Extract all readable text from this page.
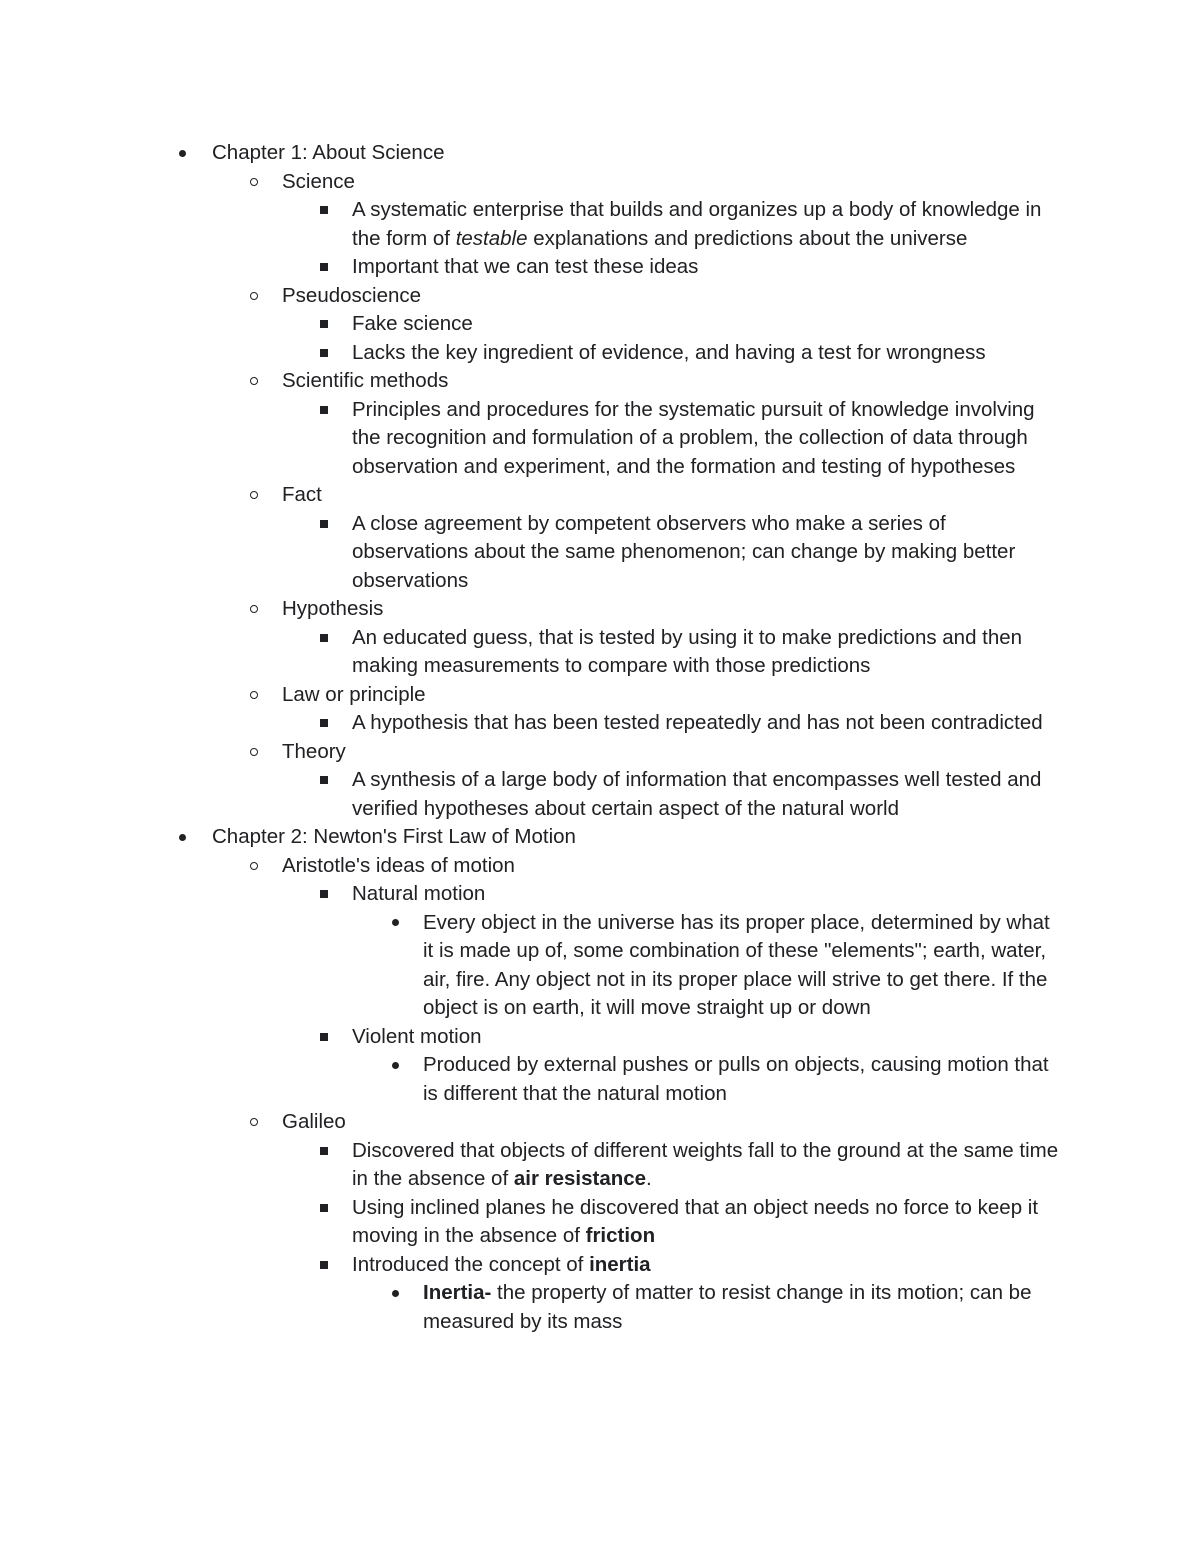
Chapter 1: About Science
Science
A systematic enterprise that builds and organizes up a body of knowledge in the form of testable explanations and predictions about the universe
Important that we can test these ideas
Pseudoscience
Fake science
Lacks the key ingredient of evidence, and having a test for wrongness
Scientific methods
Principles and procedures for the systematic pursuit of knowledge involving the recognition and formulation of a problem, the collection of data through observation and experiment, and the formation and testing of hypotheses
Fact
A close agreement by competent observers who make a series of observations about the same phenomenon; can change by making better observations
Hypothesis
An educated guess, that is tested by using it to make predictions and then making measurements to compare with those predictions
Law or principle
A hypothesis that has been tested repeatedly and has not been contradicted
Theory
A synthesis of a large body of information that encompasses well tested and verified hypotheses about certain aspect of the natural world
Chapter 2: Newton's First Law of Motion
Aristotle's ideas of motion
Natural motion
Every object in the universe has its proper place, determined by what it is made up of, some combination of these "elements"; earth, water, air, fire. Any object not in its proper place will strive to get there. If the object is on earth, it will move straight up or down
Violent motion
Produced by external pushes or pulls on objects, causing motion that is different that the natural motion
Galileo
Discovered that objects of different weights fall to the ground at the same time in the absence of air resistance.
Using inclined planes he discovered that an object needs no force to keep it moving in the absence of friction
Introduced the concept of inertia
Inertia- the property of matter to resist change in its motion; can be measured by its mass
